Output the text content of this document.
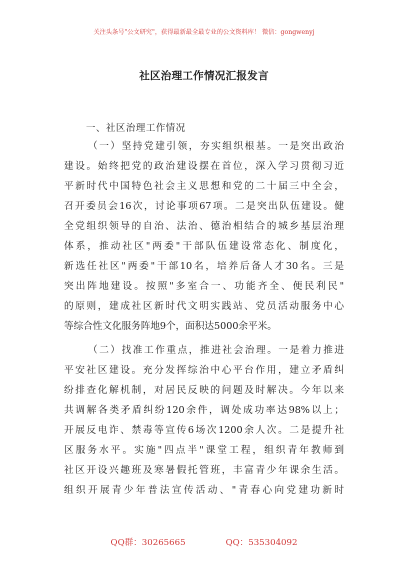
关注头条号"公文研究"，获得最新最全最专业的公文资料库！ 微信：gongwenyj
社区治理工作情况汇报发言
一、社区治理工作情况
（一）坚持党建引领，夯实组织根基。一是突出政治
建设。始终把党的政治建设摆在首位，深入学习贯彻习近
平新时代中国特色社会主义思想和党的二十届三中全会，
召开委员会16次，讨论事项67项。二是突出队伍建设。健
全党组织领导的自治、法治、德治相结合的城乡基层治理
体系，推动社区"两委"干部队伍建设常态化、制度化，
新选任社区"两委"干部10名，培养后备人才30名。三是
突出阵地建设。按照"多室合一、功能齐全、便民利民"
的原则，建成社区新时代文明实践站、党员活动服务中心
等综合性文化服务阵地9个，面积达5000余平米。
（二）找准工作重点，推进社会治理。一是着力推进
平安社区建设。充分发挥综治中心平台作用，建立矛盾纠
纷排查化解机制，对居民反映的问题及时解决。今年以来
共调解各类矛盾纠纷120余件，调处成功率达98%以上；
开展反电诈、禁毒等宣传6场次1200余人次。二是提升社
区服务水平。实施"四点半"课堂工程，组织青年教师到
社区开设兴趣班及寒暑假托管班，丰富青少年课余生活。
组织开展青少年普法宣传活动、"青春心向党建功新时
QQ群：30265665	QQ：535304092
